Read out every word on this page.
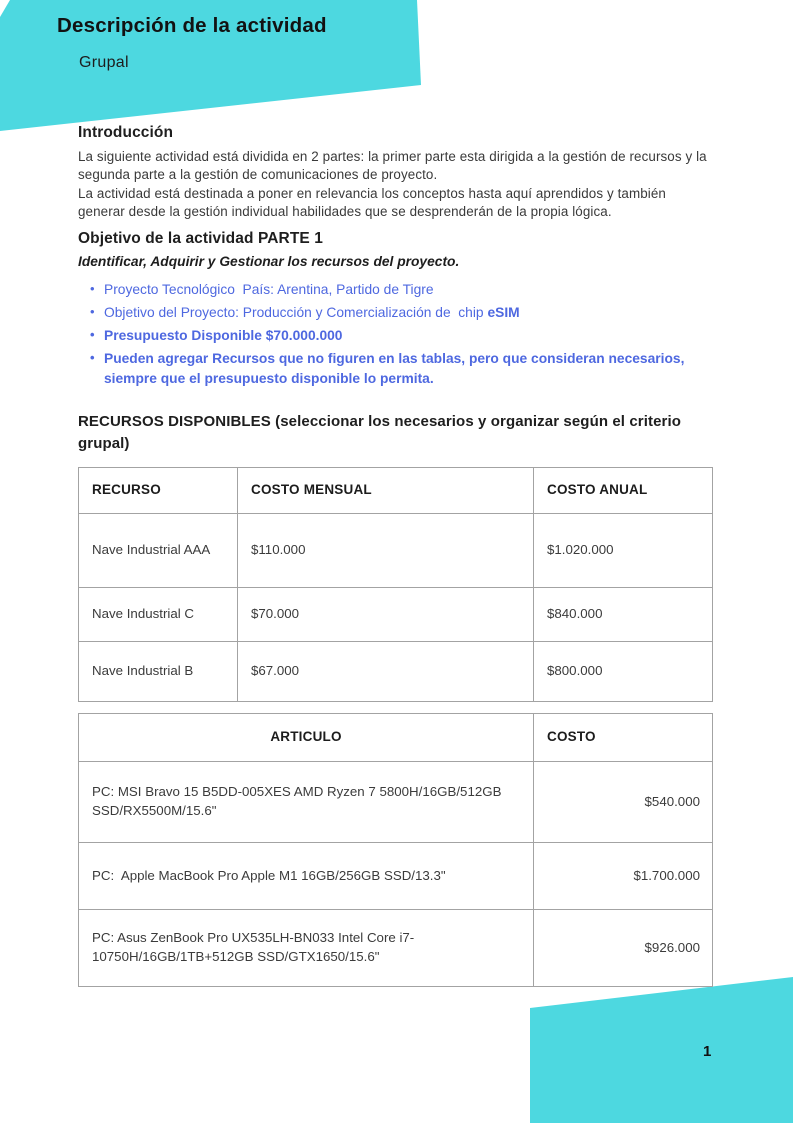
Descripción de la actividad
Grupal
1
Introducción

La siguiente actividad está dividida en 2 partes: la primer parte esta dirigida a la gestión de recursos y la segunda parte a la gestión de comunicaciones de proyecto.

La actividad está destinada a poner en relevancia los conceptos hasta aquí aprendidos y también generar desde la gestión individual habilidades que se desprenderán de la propia lógica.

Objetivo de la actividad PARTE 1

Identificar, Adquirir y Gestionar los recursos del proyecto.

• Proyecto Tecnológico  País: Arentina, Partido de Tigre
• Objetivo del Proyecto: Producción y Comercialización de  chip eSIM
• Presupuesto Disponible $70.000.000
• Pueden agregar Recursos que no figuren en las tablas, pero que consideran necesarios, siempre que el presupuesto disponible lo permita.
RECURSOS DISPONIBLES (seleccionar los necesarios y organizar según el criterio grupal)
RECURSO	COSTO MENSUAL	COSTO ANUAL
Nave Industrial AAA	$110.000	$1.020.000
Nave Industrial C	$70.000	$840.000
Nave Industrial B	$67.000	$800.000
ARTICULO	COSTO
PC: MSI Bravo 15 B5DD-005XES AMD Ryzen 7 5800H/16GB/512GB SSD/RX5500M/15.6"	$540.000
PC:  Apple MacBook Pro Apple M1 16GB/256GB SSD/13.3"	$1.700.000
PC: Asus ZenBook Pro UX535LH-BN033 Intel Core i7-10750H/16GB/1TB+512GB SSD/GTX1650/15.6"	$926.000
